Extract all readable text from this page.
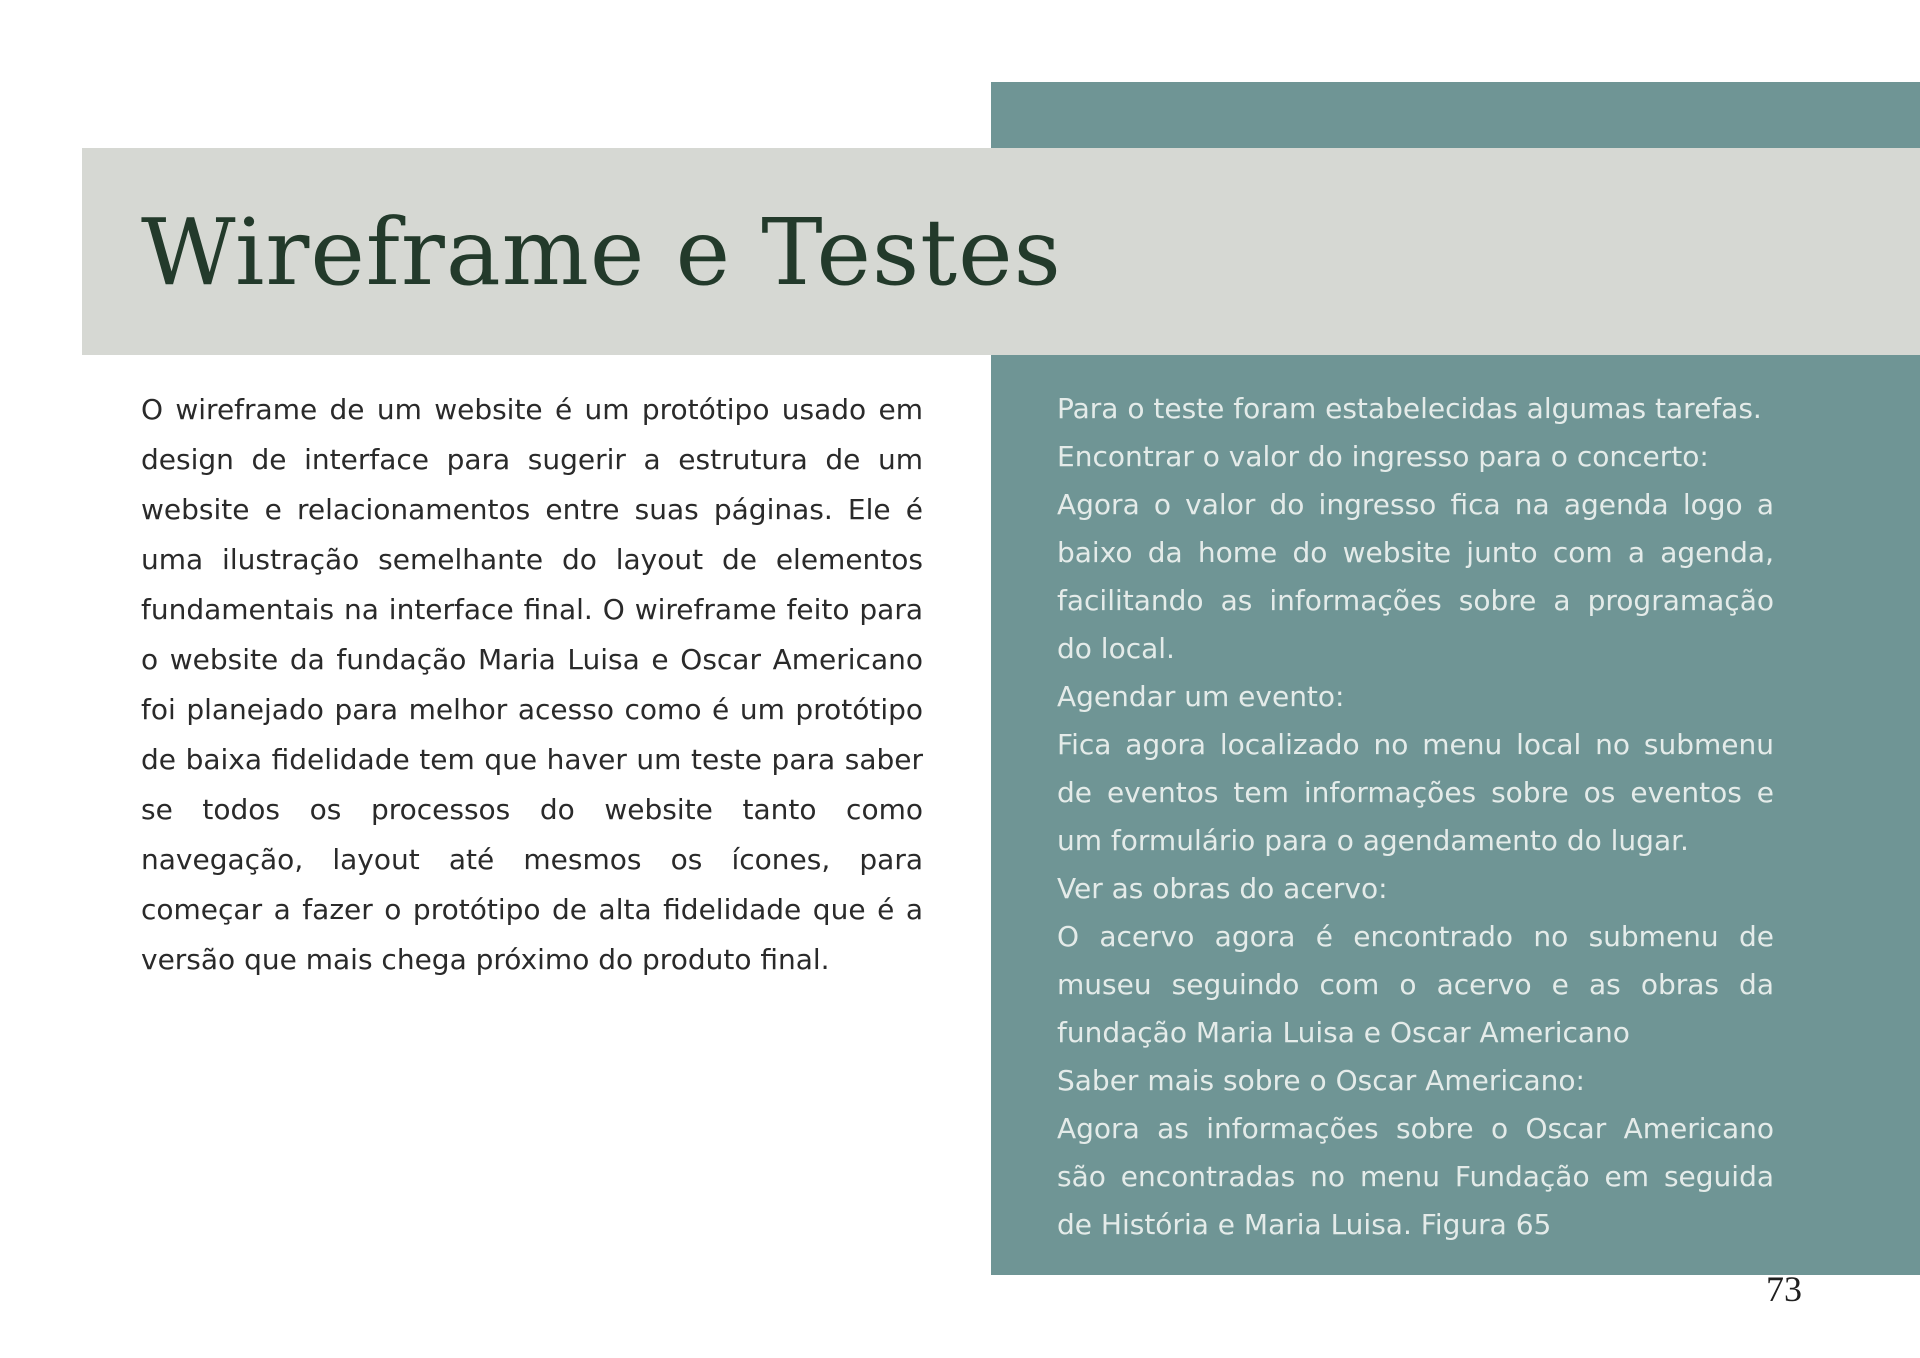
Wireframe e Testes

O wireframe de um website é um protótipo usado em design de interface para sugerir a estrutura de um website e relacionamentos entre suas páginas. Ele é uma ilustração semelhante do layout de elementos fundamentais na interface final. O wireframe feito para o website da fundação Maria Luisa e Oscar Americano foi planejado para melhor acesso como é um protótipo de baixa fidelidade tem que haver um teste para saber se todos os processos do website tanto como navegação, layout até mesmos os ícones, para começar a fazer o protótipo de alta fidelidade que é a versão que mais chega próximo do produto final.

Para o teste foram estabelecidas algumas tarefas.
Encontrar o valor do ingresso para o concerto:
Agora o valor do ingresso fica na agenda logo a baixo da home do website junto com a agenda, facilitando as informações sobre a programação do local.
Agendar um evento:
Fica agora localizado no menu local no submenu de eventos tem informações sobre os eventos e um formulário para o agendamento do lugar.
Ver as obras do acervo:
O acervo agora é encontrado no submenu de museu seguindo com o acervo e as obras da fundação Maria Luisa e Oscar Americano
Saber mais sobre o Oscar Americano:
Agora as informações sobre o Oscar Americano são encontradas no menu Fundação em seguida de História e Maria Luisa. Figura 65

73
